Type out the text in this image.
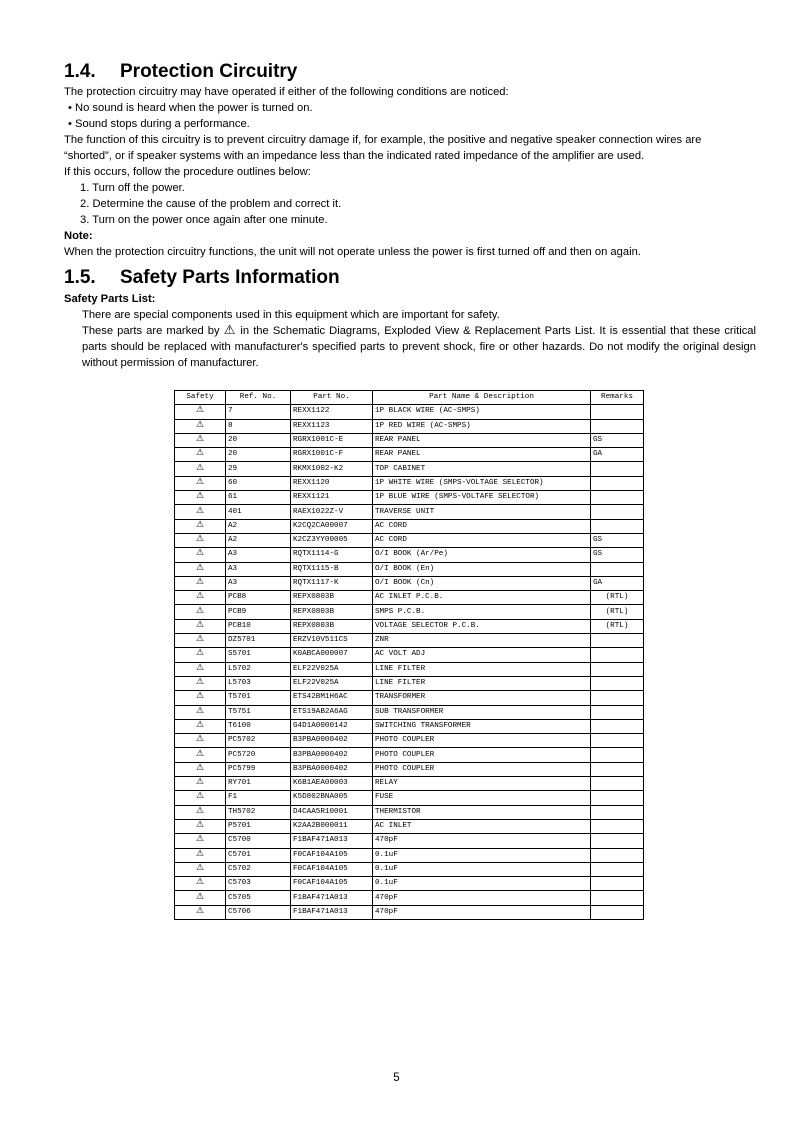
1.4. Protection Circuitry
The protection circuitry may have operated if either of the following conditions are noticed:
• No sound is heard when the power is turned on.
• Sound stops during a performance.
The function of this circuitry is to prevent circuitry damage if, for example, the positive and negative speaker connection wires are
“shorted”, or if speaker systems with an impedance less than the indicated rated impedance of the amplifier are used.
If this occurs, follow the procedure outlines below:
1. Turn off the power.
2. Determine the cause of the problem and correct it.
3. Turn on the power once again after one minute.
Note:
When the protection circuitry functions, the unit will not operate unless the power is first turned off and then on again.
1.5. Safety Parts Information
Safety Parts List:
There are special components used in this equipment which are important for safety.
These parts are marked by ⚠ in the Schematic Diagrams, Exploded View & Replacement Parts List. It is essential that these critical parts should be replaced with manufacturer's specified parts to prevent shock, fire or other hazards. Do not modify the original design without permission of manufacturer.
Safety	Ref. No.	Part No.	Part Name & Description	Remarks
⚠	7	REXX1122	1P BLACK WIRE (AC-SMPS)	
⚠	8	REXX1123	1P RED WIRE (AC-SMPS)	
⚠	20	RGRX1001C-E	REAR PANEL	GS
⚠	20	RGRX1001C-F	REAR PANEL	GA
⚠	29	RKMX1002-K2	TOP CABINET	
⚠	60	REXX1120	1P WHITE WIRE (SMPS-VOLTAGE SELECTOR)	
⚠	61	REXX1121	1P BLUE WIRE (SMPS-VOLTAFE SELECTOR)	
⚠	401	RAEX1022Z-V	TRAVERSE UNIT	
⚠	A2	K2CQ2CA00007	AC CORD	
⚠	A2	K2CZ3YY00005	AC CORD	GS
⚠	A3	RQTX1114-G	O/I BOOK (Ar/Pe)	GS
⚠	A3	RQTX1115-B	O/I BOOK (En)	
⚠	A3	RQTX1117-K	O/I BOOK (Cn)	GA
⚠	PCB8	REPX0803B	AC INLET P.C.B.	(RTL)
⚠	PCB9	REPX0803B	SMPS P.C.B.	(RTL)
⚠	PCB10	REPX0803B	VOLTAGE SELECTOR P.C.B.	(RTL)
⚠	DZ5701	ERZV10V511CS	ZNR	
⚠	S5701	K0ABCA000007	AC VOLT ADJ	
⚠	L5702	ELF22V025A	LINE FILTER	
⚠	L5703	ELF22V025A	LINE FILTER	
⚠	T5701	ETS42BM1H6AC	TRANSFORMER	
⚠	T5751	ETS19AB2A6AG	SUB TRANSFORMER	
⚠	T6100	G4D1A0000142	SWITCHING TRANSFORMER	
⚠	PC5702	B3PBA0000402	PHOTO COUPLER	
⚠	PC5720	B3PBA0000402	PHOTO COUPLER	
⚠	PC5799	B3PBA0000402	PHOTO COUPLER	
⚠	RY701	K6B1AEA00003	RELAY	
⚠	F1	K5D802BNA005	FUSE	
⚠	TH5702	D4CAA5R10001	THERMISTOR	
⚠	P5701	K2AA2B000011	AC INLET	
⚠	C5700	F1BAF471A013	470pF	
⚠	C5701	F0CAF104A105	0.1uF	
⚠	C5702	F0CAF104A105	0.1uF	
⚠	C5703	F0CAF104A105	0.1uF	
⚠	C5705	F1BAF471A013	470pF	
⚠	C5706	F1BAF471A013	470pF	
5
